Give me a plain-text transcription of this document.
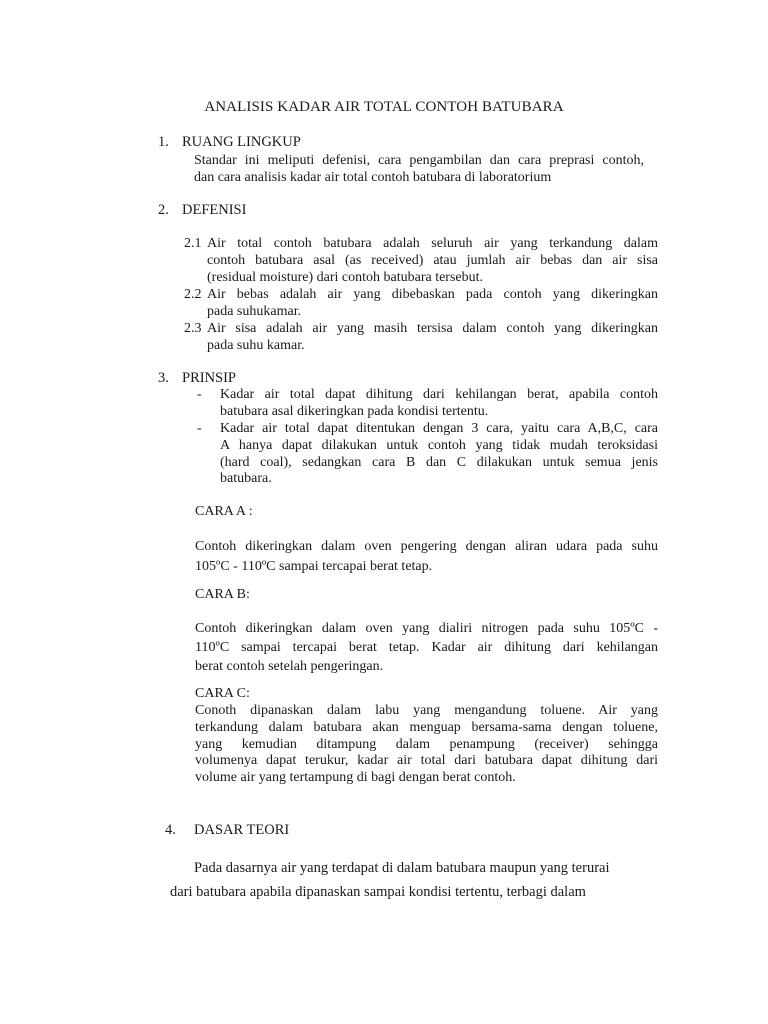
ANALISIS KADAR AIR TOTAL CONTOH BATUBARA
1. RUANG LINGKUP
Standar ini meliputi defenisi, cara pengambilan dan cara preprasi contoh,
dan cara analisis kadar air total contoh batubara di laboratorium
2. DEFENISI
2.1 Air total contoh batubara adalah seluruh air yang terkandung dalam
contoh batubara asal (as received) atau jumlah air bebas dan air sisa
(residual moisture) dari contoh batubara tersebut.
2.2 Air bebas adalah air yang dibebaskan pada contoh yang dikeringkan
pada suhukamar.
2.3 Air sisa adalah air yang masih tersisa dalam contoh yang dikeringkan
pada suhu kamar.
3. PRINSIP
- Kadar air total dapat dihitung dari kehilangan berat, apabila contoh
batubara asal dikeringkan pada kondisi tertentu.
- Kadar air total dapat ditentukan dengan 3 cara, yaitu cara A,B,C, cara
A hanya dapat dilakukan untuk contoh yang tidak mudah teroksidasi
(hard coal), sedangkan cara B dan C dilakukan untuk semua jenis
batubara.
CARA A :
Contoh dikeringkan dalam oven pengering dengan aliran udara pada suhu
105ºC - 110ºC sampai tercapai berat tetap.
CARA B:
Contoh dikeringkan dalam oven yang dialiri nitrogen pada suhu 105ºC -
110ºC sampai tercapai berat tetap. Kadar air dihitung dari kehilangan
berat contoh setelah pengeringan.
CARA C:
Conoth dipanaskan dalam labu yang mengandung toluene. Air yang
terkandung dalam batubara akan menguap bersama-sama dengan toluene,
yang kemudian ditampung dalam penampung (receiver) sehingga
volumenya dapat terukur, kadar air total dari batubara dapat dihitung dari
volume air yang tertampung di bagi dengan berat contoh.
4. DASAR TEORI
Pada dasarnya air yang terdapat di dalam batubara maupun yang terurai
dari batubara apabila dipanaskan sampai kondisi tertentu, terbagi dalam
